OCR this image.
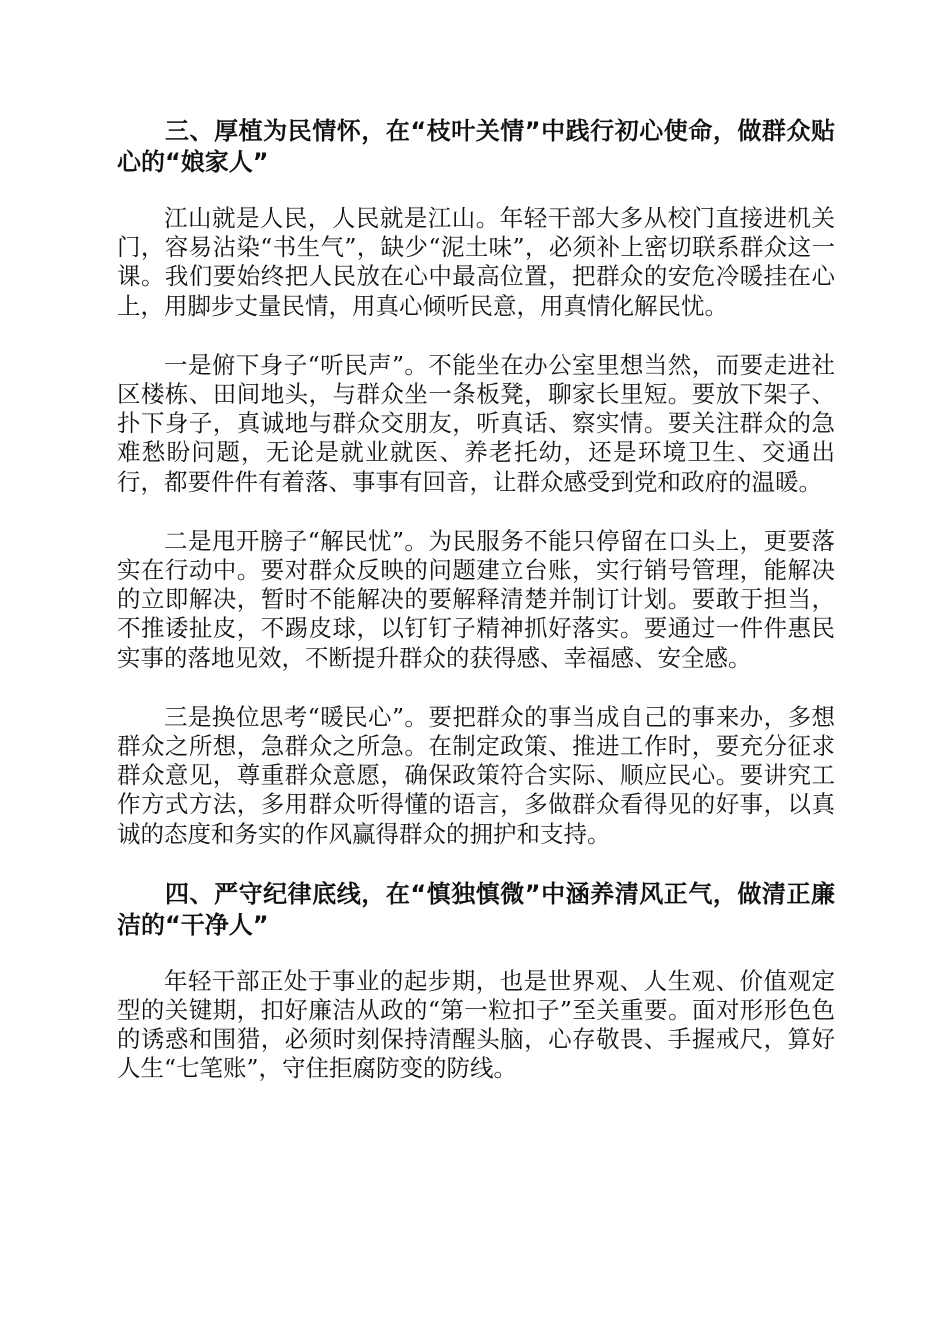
三、厚植为民情怀，在“枝叶关情”中践行初心使命，做群众贴心的“娘家人”
江山就是人民，人民就是江山。年轻干部大多从校门直接进机关门，容易沾染“书生气”，缺少“泥土味”，必须补上密切联系群众这一课。我们要始终把人民放在心中最高位置，把群众的安危冷暖挂在心上，用脚步丈量民情，用真心倾听民意，用真情化解民忧。
一是俯下身子“听民声”。不能坐在办公室里想当然，而要走进社区楼栋、田间地头，与群众坐一条板凳，聊家长里短。要放下架子、扑下身子，真诚地与群众交朋友，听真话、察实情。要关注群众的急难愁盼问题，无论是就业就医、养老托幼，还是环境卫生、交通出行，都要件件有着落、事事有回音，让群众感受到党和政府的温暖。
二是甩开膀子“解民忧”。为民服务不能只停留在口头上，更要落实在行动中。要对群众反映的问题建立台账，实行销号管理，能解决的立即解决，暂时不能解决的要解释清楚并制订计划。要敢于担当，不推诿扯皮，不踢皮球，以钉钉子精神抓好落实。要通过一件件惠民实事的落地见效，不断提升群众的获得感、幸福感、安全感。
三是换位思考“暖民心”。要把群众的事当成自己的事来办，多想群众之所想，急群众之所急。在制定政策、推进工作时，要充分征求群众意见，尊重群众意愿，确保政策符合实际、顺应民心。要讲究工作方式方法，多用群众听得懂的语言，多做群众看得见的好事，以真诚的态度和务实的作风赢得群众的拥护和支持。
四、严守纪律底线，在“慎独慎微”中涵养清风正气，做清正廉洁的“干净人”
年轻干部正处于事业的起步期，也是世界观、人生观、价值观定型的关键期，扣好廉洁从政的“第一粒扣子”至关重要。面对形形色色的诱惑和围猎，必须时刻保持清醒头脑，心存敬畏、手握戒尺，算好人生“七笔账”，守住拒腐防变的防线。
